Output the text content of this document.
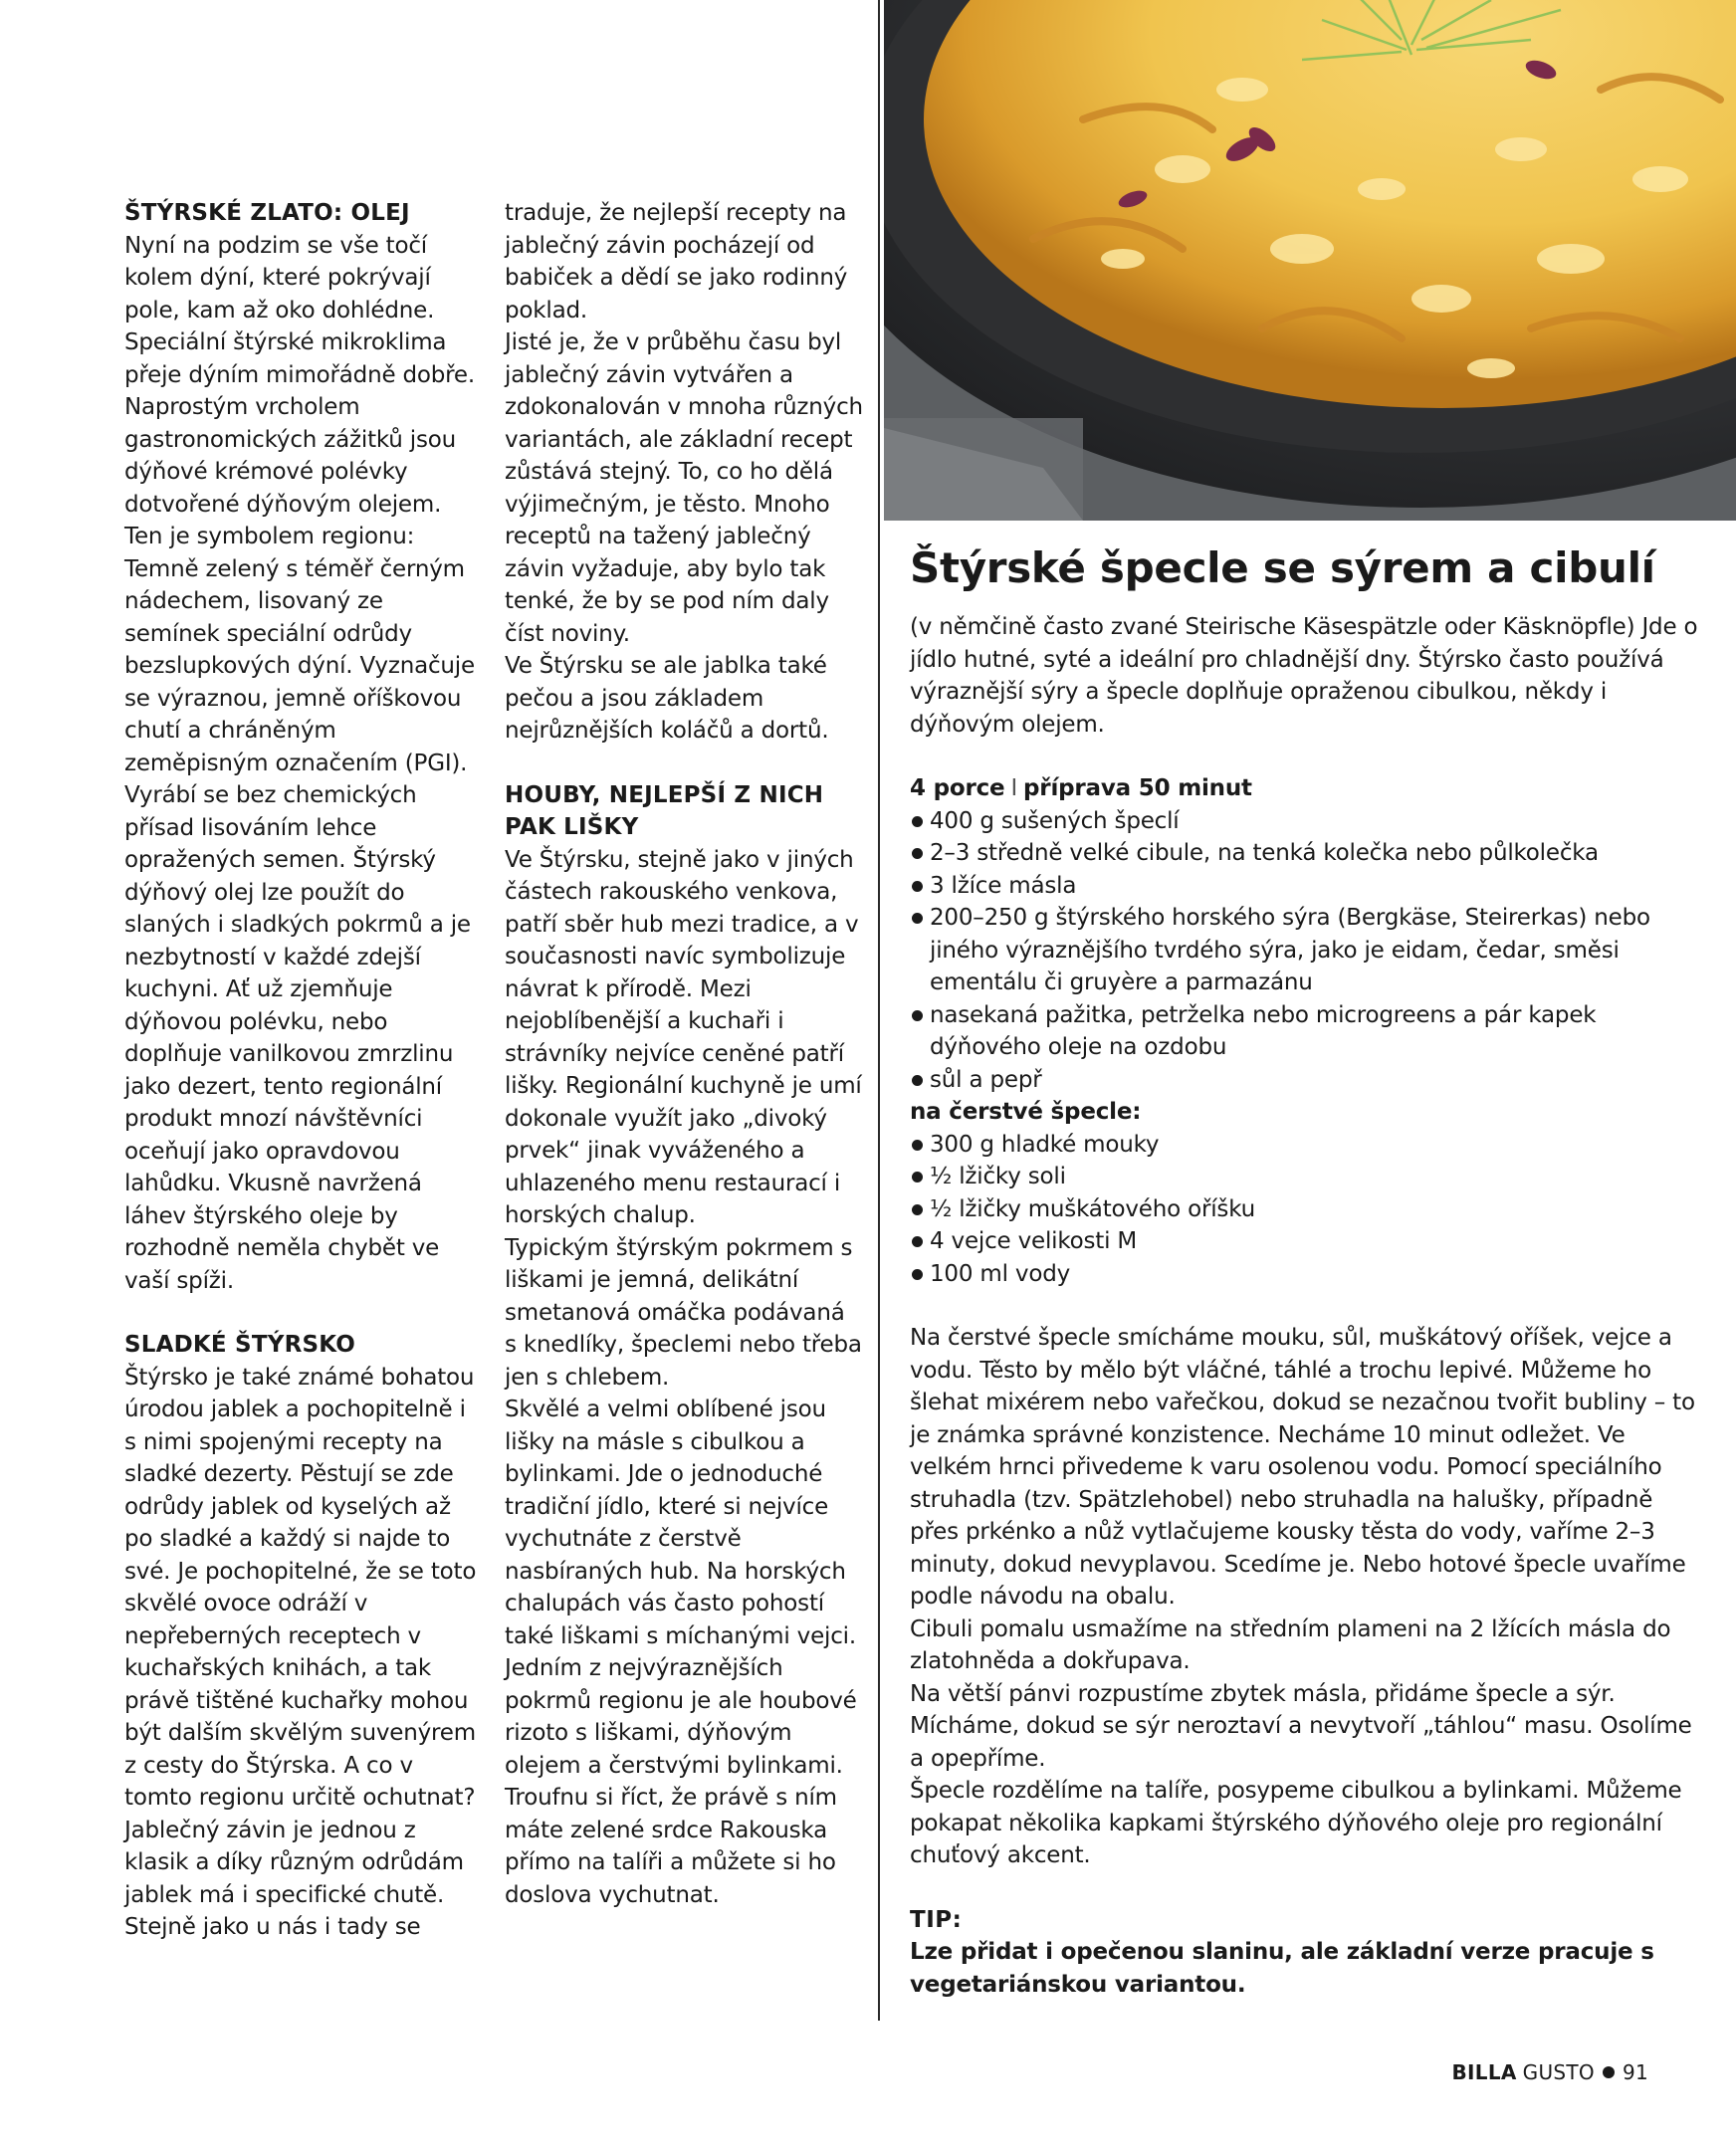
ŠTÝRSKÉ ZLATO: OLEJ

Nyní na podzim se vše točí kolem dýní, které pokrývají pole, kam až oko dohlédne. Speciální štýrské mikroklima přeje dýním mimořádně dobře.

Naprostým vrcholem gastronomických zážitků jsou dýňové krémové polévky dotvořené dýňovým olejem. Ten je symbolem regionu: Temně zelený s téměř černým nádechem, lisovaný ze semínek speciální odrůdy bezslupkových dýní. Vyznačuje se výraznou, jemně oříškovou chutí a chráněným zeměpisným označením (PGI). Vyrábí se bez chemických přísad lisováním lehce opražených semen. Štýrský dýňový olej lze použít do slaných i sladkých pokrmů a je nezbytností v každé zdejší kuchyni. Ať už zjemňuje dýňovou polévku, nebo doplňuje vanilkovou zmrzlinu jako dezert, tento regionální produkt mnozí návštěvníci oceňují jako opravdovou lahůdku. Vkusně navržená láhev štýrského oleje by rozhodně neměla chybět ve vaší spíži.

SLADKÉ ŠTÝRSKO

Štýrsko je také známé bohatou úrodou jablek a pochopitelně i s nimi spojenými recepty na sladké dezerty. Pěstují se zde odrůdy jablek od kyselých až po sladké a každý si najde to své. Je pochopitelné, že se toto skvělé ovoce odráží v nepřeberných receptech v kuchařských knihách, a tak právě tištěné kuchařky mohou být dalším skvělým suvenýrem z cesty do Štýrska. A co v tomto regionu určitě ochutnat? Jablečný závin je jednou z klasik a díky různým odrůdám jablek má i specifické chutě. Stejně jako u nás i tady se

traduje, že nejlepší recepty na jablečný závin pocházejí od babiček a dědí se jako rodinný poklad.

Jisté je, že v průběhu času byl jablečný závin vytvářen a zdokonalován v mnoha různých variantách, ale základní recept zůstává stejný. To, co ho dělá výjimečným, je těsto. Mnoho receptů na tažený jablečný závin vyžaduje, aby bylo tak tenké, že by se pod ním daly číst noviny.

Ve Štýrsku se ale jablka také pečou a jsou základem nejrůznějších koláčů a dortů.

HOUBY, NEJLEPŠÍ Z NICH PAK LIŠKY

Ve Štýrsku, stejně jako v jiných částech rakouského venkova, patří sběr hub mezi tradice, a v současnosti navíc symbolizuje návrat k přírodě. Mezi nejoblíbenější a kuchaři i strávníky nejvíce ceněné patří lišky. Regionální kuchyně je umí dokonale využít jako „divoký prvek“ jinak vyváženého a uhlazeného menu restaurací i horských chalup.

Typickým štýrským pokrmem s liškami je jemná, delikátní smetanová omáčka podávaná s knedlíky, špeclemi nebo třeba jen s chlebem.

Skvělé a velmi oblíbené jsou lišky na másle s cibulkou a bylinkami. Jde o jednoduché tradiční jídlo, které si nejvíce vychutnáte z čerstvě nasbíraných hub. Na horských chalupách vás často pohostí také liškami s míchanými vejci.

Jedním z nejvýraznějších pokrmů regionu je ale houbové rizoto s liškami, dýňovým olejem a čerstvými bylinkami. Troufnu si říct, že právě s ním máte zelené srdce Rakouska přímo na talíři a můžete si ho doslova vychutnat.

Štýrské špecle se sýrem a cibulí

(v němčině často zvané Steirische Käsespätzle oder Käsknöpfle) Jde o jídlo hutné, syté a ideální pro chladnější dny. Štýrsko často používá výraznější sýry a špecle doplňuje opraženou cibulkou, někdy i dýňovým olejem.

4 porce I příprava 50 minut

400 g sušených špeclí
2–3 středně velké cibule, na tenká kolečka nebo půlkolečka
3 lžíce másla
200–250 g štýrského horského sýra (Bergkäse, Steirerkas) nebo jiného výraznějšího tvrdého sýra, jako je eidam, čedar, směsi ementálu či gruyère a parmazánu
nasekaná pažitka, petrželka nebo microgreens a pár kapek dýňového oleje na ozdobu
sůl a pepř

na čerstvé špecle:

300 g hladké mouky
½ lžičky soli
½ lžičky muškátového oříšku
4 vejce velikosti M
100 ml vody

Na čerstvé špecle smícháme mouku, sůl, muškátový oříšek, vejce a vodu. Těsto by mělo být vláčné, táhlé a trochu lepivé. Můžeme ho šlehat mixérem nebo vařečkou, dokud se nezačnou tvořit bubliny – to je známka správné konzistence. Necháme 10 minut odležet. Ve velkém hrnci přivedeme k varu osolenou vodu. Pomocí speciálního struhadla (tzv. Spätzlehobel) nebo struhadla na halušky, případně přes prkénko a nůž vytlačujeme kousky těsta do vody, vaříme 2–3 minuty, dokud nevyplavou. Scedíme je. Nebo hotové špecle uvaříme podle návodu na obalu.

Cibuli pomalu usmažíme na středním plameni na 2 lžících másla do zlatohněda a dokřupava.

Na větší pánvi rozpustíme zbytek másla, přidáme špecle a sýr. Mícháme, dokud se sýr neroztaví a nevytvoří „táhlou“ masu. Osolíme a opepříme.

Špecle rozdělíme na talíře, posypeme cibulkou a bylinkami. Můžeme pokapat několika kapkami štýrského dýňového oleje pro regionální chuťový akcent.

TIP:

Lze přidat i opečenou slaninu, ale základní verze pracuje s vegetariánskou variantou.

BILLA GUSTO 91
